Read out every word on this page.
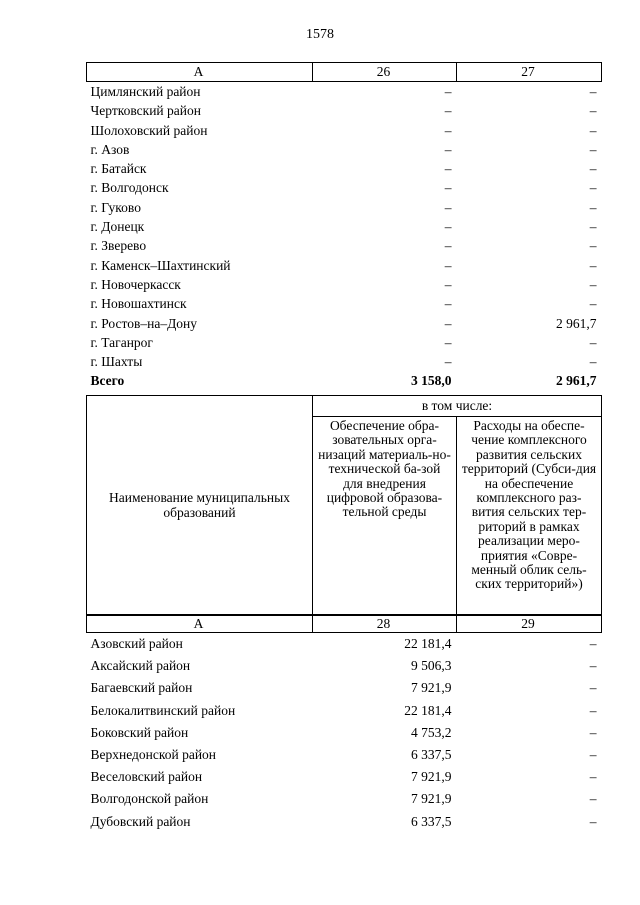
1578
А	26	27
Цимлянский район	–	–
Чертковский район	–	–
Шолоховский район	–	–
г. Азов	–	–
г. Батайск	–	–
г. Волгодонск	–	–
г. Гуково	–	–
г. Донецк	–	–
г. Зверево	–	–
г. Каменск–Шахтинский	–	–
г. Новочеркасск	–	–
г. Новошахтинск	–	–
г. Ростов–на–Дону	–	2 961,7
г. Таганрог	–	–
г. Шахты	–	–
Всего	3 158,0	2 961,7
Наименование муниципальных образований	в том числе:	
	Обеспечение обра-зовательных орга-низаций материаль-но-технической ба-зой для внедрения цифровой образова-тельной среды	Расходы на обеспе-чение комплексного развития сельских территорий (Субси-дия на обеспечение комплексного раз-вития сельских тер-риторий в рамках реализации меро-приятия «Совре-менный облик сель-ских территорий»)
А	28	29
Азовский район	22 181,4	–
Аксайский район	9 506,3	–
Багаевский район	7 921,9	–
Белокалитвинский район	22 181,4	–
Боковский район	4 753,2	–
Верхнедонской район	6 337,5	–
Веселовский район	7 921,9	–
Волгодонской район	7 921,9	–
Дубовский район	6 337,5	–
